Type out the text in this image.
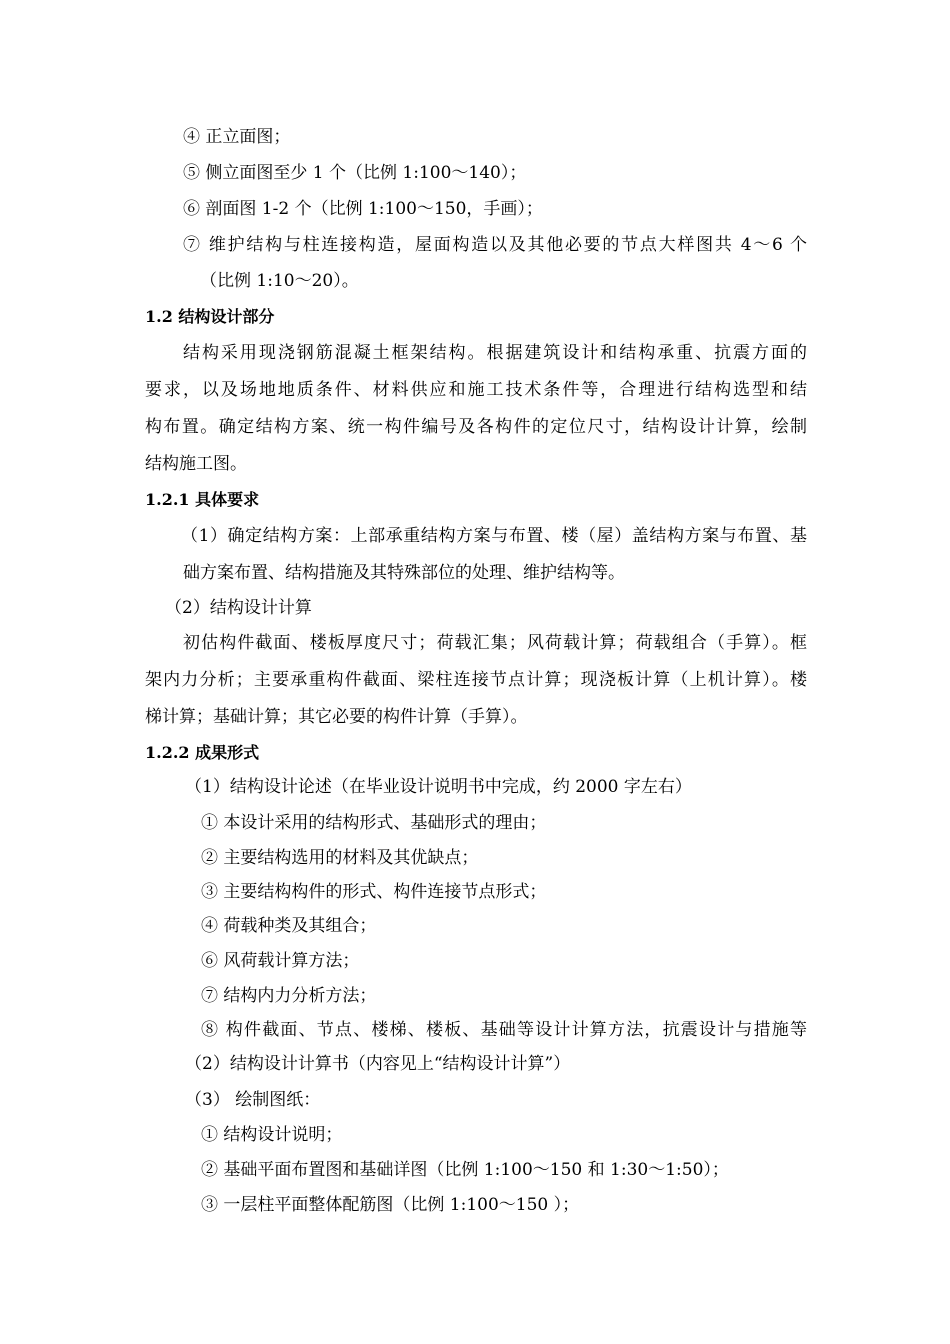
④ 正立面图；
⑤ 侧立面图至少 1 个（比例 1:100～140）；
⑥ 剖面图 1-2 个（比例 1:100～150，手画）；
⑦ 维护结构与柱连接构造，屋面构造以及其他必要的节点大样图共 4～6 个
（比例 1:10～20）。
1.2 结构设计部分
结构采用现浇钢筋混凝土框架结构。根据建筑设计和结构承重、抗震方面的
要求，以及场地地质条件、材料供应和施工技术条件等，合理进行结构选型和结
构布置。确定结构方案、统一构件编号及各构件的定位尺寸，结构设计计算，绘制
结构施工图。
1.2.1 具体要求
（1）确定结构方案：上部承重结构方案与布置、楼（屋）盖结构方案与布置、基
础方案布置、结构措施及其特殊部位的处理、维护结构等。
（2）结构设计计算
初估构件截面、楼板厚度尺寸；荷载汇集；风荷载计算；荷载组合（手算）。框
架内力分析；主要承重构件截面、梁柱连接节点计算；现浇板计算（上机计算）。楼
梯计算；基础计算；其它必要的构件计算（手算）。
1.2.2 成果形式
（1）结构设计论述（在毕业设计说明书中完成，约 2000 字左右）
① 本设计采用的结构形式、基础形式的理由；
② 主要结构选用的材料及其优缺点；
③ 主要结构构件的形式、构件连接节点形式；
④ 荷载种类及其组合；
⑥ 风荷载计算方法；
⑦ 结构内力分析方法；
⑧ 构件截面、节点、楼梯、楼板、基础等设计计算方法，抗震设计与措施等
（2）结构设计计算书（内容见上“结构设计计算”）
（3） 绘制图纸：
① 结构设计说明；
② 基础平面布置图和基础详图（比例 1:100～150 和 1:30～1:50）；
③ 一层柱平面整体配筋图（比例 1:100～150 ）；
